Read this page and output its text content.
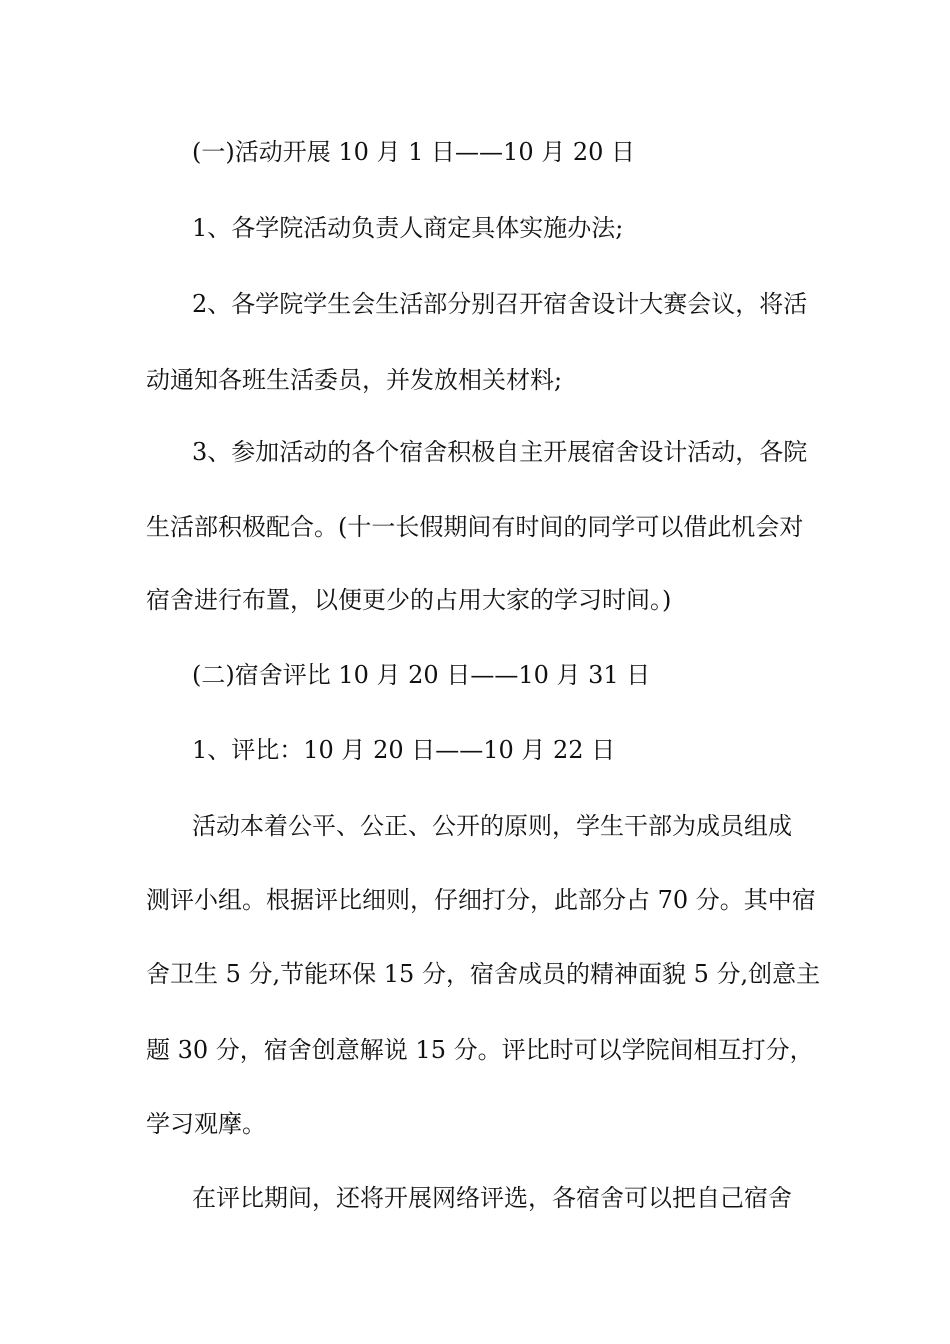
(一)活动开展 10 月 1 日——10 月 20 日
1、各学院活动负责人商定具体实施办法;
2、各学院学生会生活部分别召开宿舍设计大赛会议，将活
动通知各班生活委员，并发放相关材料;
3、参加活动的各个宿舍积极自主开展宿舍设计活动，各院
生活部积极配合。(十一长假期间有时间的同学可以借此机会对
宿舍进行布置，以便更少的占用大家的学习时间。)
(二)宿舍评比 10 月 20 日——10 月 31 日
1、评比：10 月 20 日——10 月 22 日
活动本着公平、公正、公开的原则，学生干部为成员组成
测评小组。根据评比细则，仔细打分，此部分占 70 分。其中宿
舍卫生 5 分,节能环保 15 分，宿舍成员的精神面貌 5 分,创意主
题 30 分，宿舍创意解说 15 分。评比时可以学院间相互打分，
学习观摩。
在评比期间，还将开展网络评选，各宿舍可以把自己宿舍
